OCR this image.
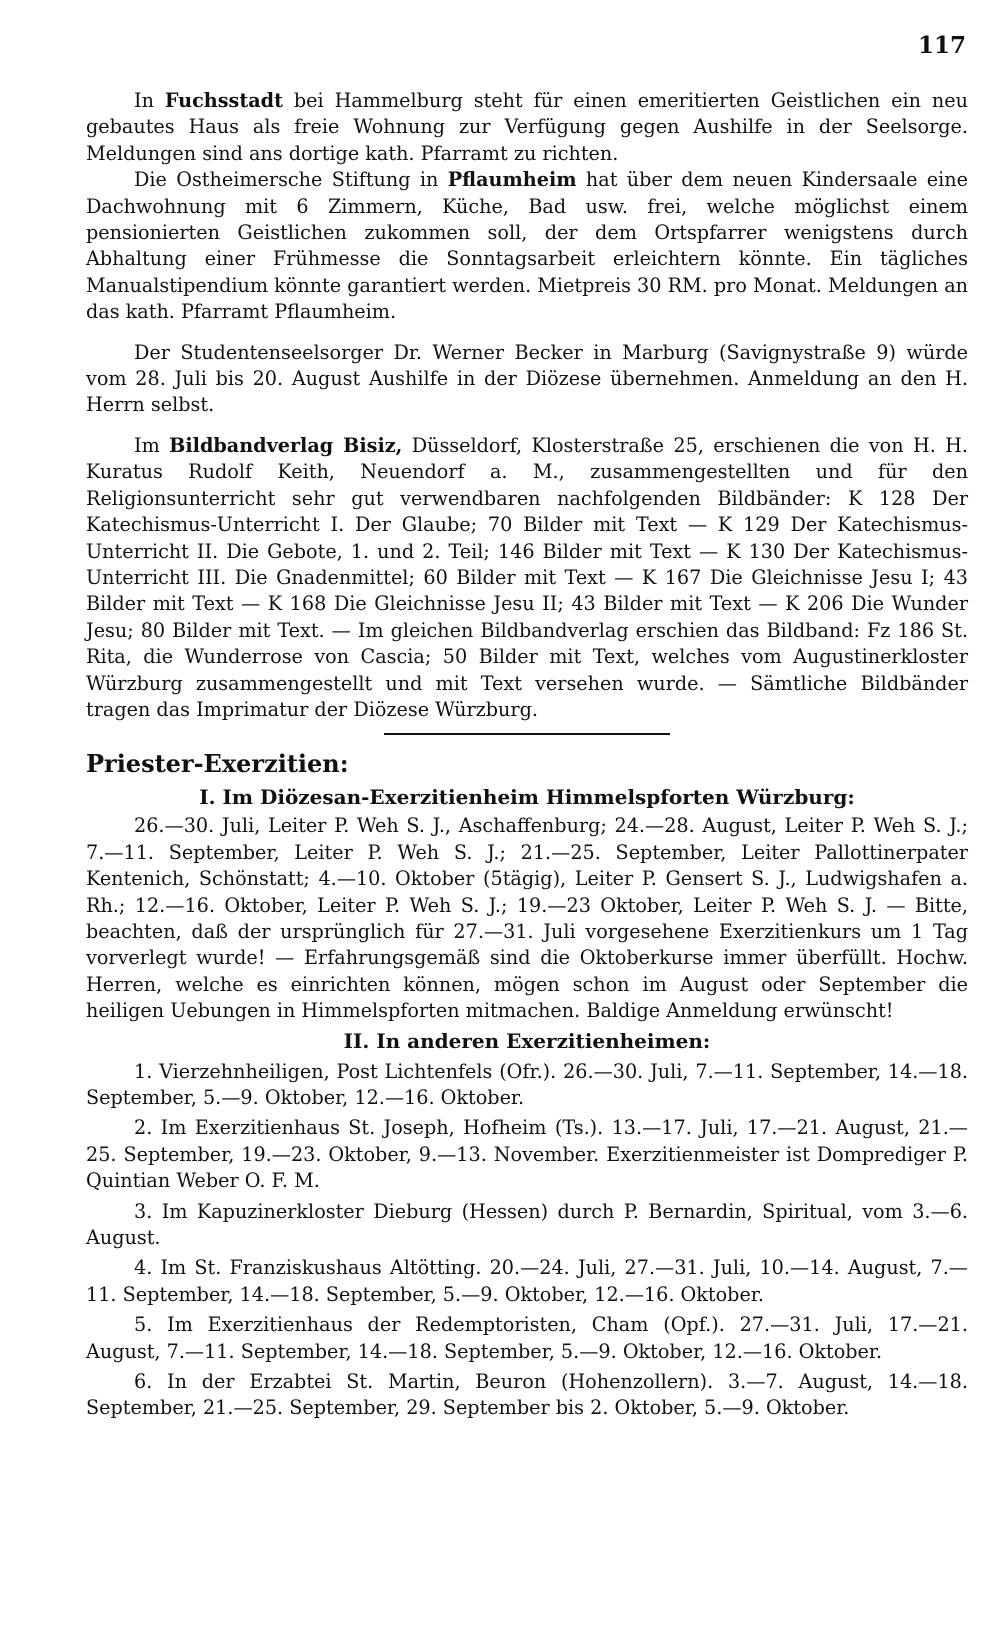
117

In Fuchsstadt bei Hammelburg steht für einen emeritierten Geistlichen ein neu gebautes Haus als freie Wohnung zur Verfügung gegen Aushilfe in der Seelsorge. Meldungen sind ans dortige kath. Pfarramt zu richten.

Die Ostheimersche Stiftung in Pflaumheim hat über dem neuen Kindersaale eine Dachwohnung mit 6 Zimmern, Küche, Bad usw. frei, welche möglichst einem pensionierten Geistlichen zukommen soll, der dem Ortspfarrer wenigstens durch Abhaltung einer Frühmesse die Sonntagsarbeit erleichtern könnte. Ein tägliches Manualstipendium könnte garantiert werden. Mietpreis 30 RM. pro Monat. Meldungen an das kath. Pfarramt Pflaumheim.

Der Studentenseelsorger Dr. Werner Becker in Marburg (Savignystraße 9) würde vom 28. Juli bis 20. August Aushilfe in der Diözese übernehmen. Anmeldung an den H. Herrn selbst.

Im Bildbandverlag Bisiz, Düsseldorf, Klosterstraße 25, erschienen die von H. H. Kuratus Rudolf Keith, Neuendorf a. M., zusammengestellten und für den Religionsunterricht sehr gut verwendbaren nachfolgenden Bildbänder: K 128 Der Katechismus-Unterricht I. Der Glaube; 70 Bilder mit Text — K 129 Der Katechismus-Unterricht II. Die Gebote, 1. und 2. Teil; 146 Bilder mit Text — K 130 Der Katechismus-Unterricht III. Die Gnadenmittel; 60 Bilder mit Text — K 167 Die Gleichnisse Jesu I; 43 Bilder mit Text — K 168 Die Gleichnisse Jesu II; 43 Bilder mit Text — K 206 Die Wunder Jesu; 80 Bilder mit Text. — Im gleichen Bildbandverlag erschien das Bildband: Fz 186 St. Rita, die Wunderrose von Cascia; 50 Bilder mit Text, welches vom Augustinerkloster Würzburg zusammengestellt und mit Text versehen wurde. — Sämtliche Bildbänder tragen das Imprimatur der Diözese Würzburg.

Priester-Exerzitien:

I. Im Diözesan-Exerzitienheim Himmelspforten Würzburg:

26.—30. Juli, Leiter P. Weh S. J., Aschaffenburg; 24.—28. August, Leiter P. Weh S. J.; 7.—11. September, Leiter P. Weh S. J.; 21.—25. September, Leiter Pallottinerpater Kentenich, Schönstatt; 4.—10. Oktober (5tägig), Leiter P. Gensert S. J., Ludwigshafen a. Rh.; 12.—16. Oktober, Leiter P. Weh S. J.; 19.—23 Oktober, Leiter P. Weh S. J. — Bitte, beachten, daß der ursprünglich für 27.—31. Juli vorgesehene Exerzitienkurs um 1 Tag vorverlegt wurde! — Erfahrungsgemäß sind die Oktoberkurse immer überfüllt. Hochw. Herren, welche es einrichten können, mögen schon im August oder September die heiligen Uebungen in Himmelspforten mitmachen. Baldige Anmeldung erwünscht!

II. In anderen Exerzitienheimen:

1. Vierzehnheiligen, Post Lichtenfels (Ofr.). 26.—30. Juli, 7.—11. September, 14.—18. September, 5.—9. Oktober, 12.—16. Oktober.

2. Im Exerzitienhaus St. Joseph, Hofheim (Ts.). 13.—17. Juli, 17.—21. August, 21.—25. September, 19.—23. Oktober, 9.—13. November. Exerzitienmeister ist Domprediger P. Quintian Weber O. F. M.

3. Im Kapuzinerkloster Dieburg (Hessen) durch P. Bernardin, Spiritual, vom 3.—6. August.

4. Im St. Franziskushaus Altötting. 20.—24. Juli, 27.—31. Juli, 10.—14. August, 7.—11. September, 14.—18. September, 5.—9. Oktober, 12.—16. Oktober.

5. Im Exerzitienhaus der Redemptoristen, Cham (Opf.). 27.—31. Juli, 17.—21. August, 7.—11. September, 14.—18. September, 5.—9. Oktober, 12.—16. Oktober.

6. In der Erzabtei St. Martin, Beuron (Hohenzollern). 3.—7. August, 14.—18. September, 21.—25. September, 29. September bis 2. Oktober, 5.—9. Oktober.
